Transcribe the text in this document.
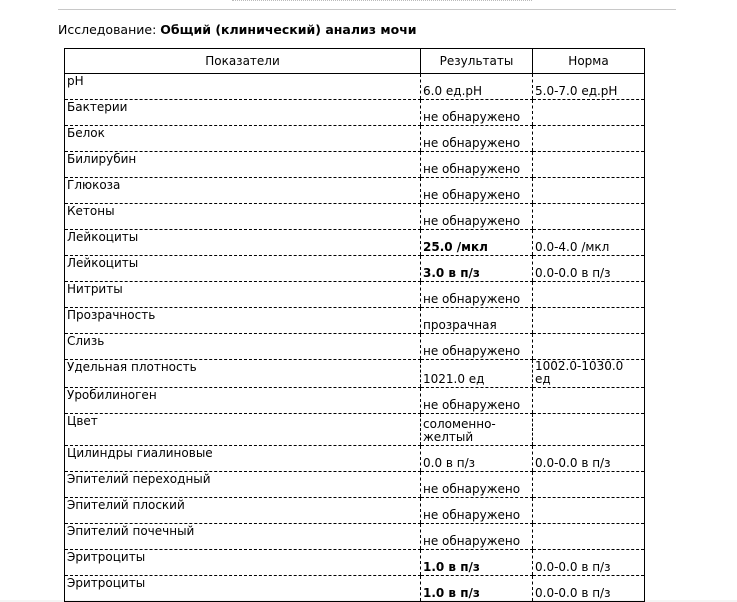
Исследование: Общий (клинический) анализ мочи
Показатели	Результаты	Норма
pH	6.0 ед.pH	5.0-7.0 ед.pH
Бактерии	не обнаружено	
Белок	не обнаружено	
Билирубин	не обнаружено	
Глюкоза	не обнаружено	
Кетоны	не обнаружено	
Лейкоциты	25.0 /мкл	0.0-4.0 /мкл
Лейкоциты	3.0 в п/з	0.0-0.0 в п/з
Нитриты	не обнаружено	
Прозрачность	прозрачная	
Слизь	не обнаружено	
Удельная плотность	1021.0 ед	1002.0-1030.0 ед
Уробилиноген	не обнаружено	
Цвет	соломенно-желтый	
Цилиндры гиалиновые	0.0 в п/з	0.0-0.0 в п/з
Эпителий переходный	не обнаружено	
Эпителий плоский	не обнаружено	
Эпителий почечный	не обнаружено	
Эритроциты	1.0 в п/з	0.0-0.0 в п/з
Эритроциты	1.0 в п/з	0.0-0.0 в п/з
